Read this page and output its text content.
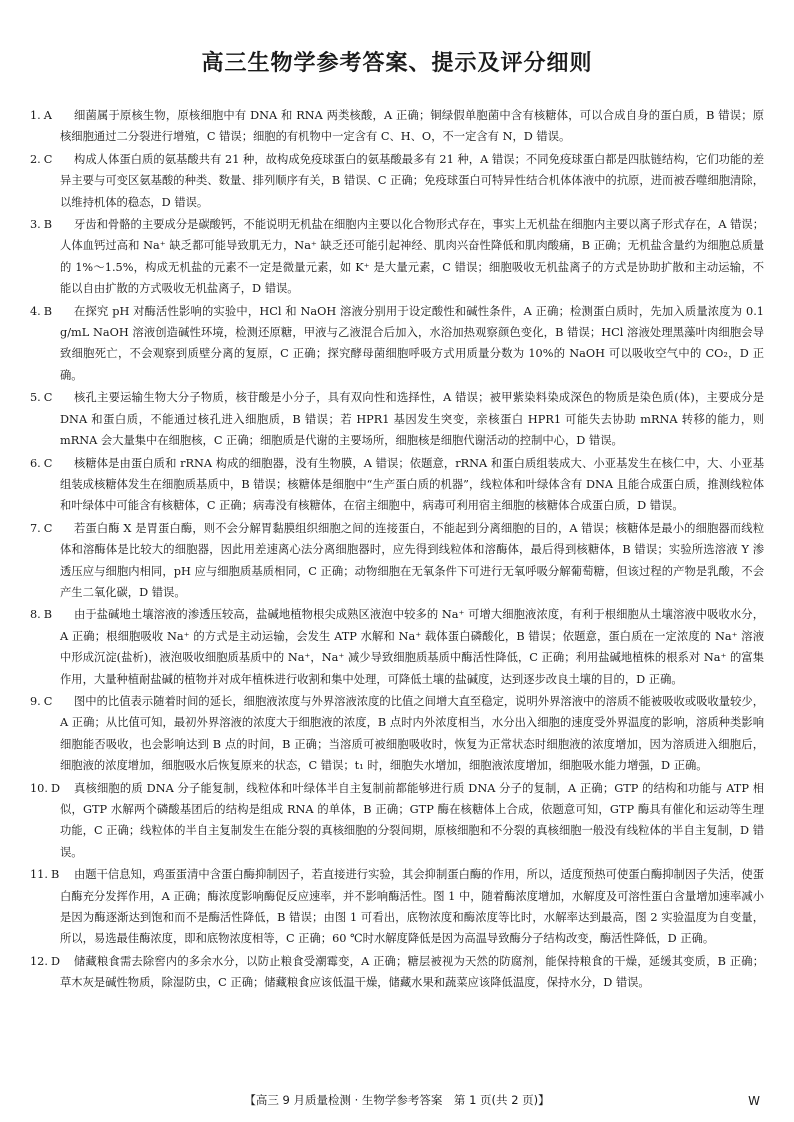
高三生物学参考答案、提示及评分细则
1. A 细菌属于原核生物，原核细胞中有 DNA 和 RNA 两类核酸，A 正确；铜绿假单胞菌中含有核糖体，可以合成自身的蛋白质，B 错误；原核细胞通过二分裂进行增殖，C 错误；细胞的有机物中一定含有 C、H、O，不一定含有 N，D 错误。
2. C 构成人体蛋白质的氨基酸共有 21 种，故构成免疫球蛋白的氨基酸最多有 21 种，A 错误；不同免疫球蛋白都是四肽链结构，它们功能的差异主要与可变区氨基酸的种类、数量、排列顺序有关，B 错误、C 正确；免疫球蛋白可特异性结合机体体液中的抗原，进而被吞噬细胞清除，以维持机体的稳态，D 错误。
3. B 牙齿和骨骼的主要成分是碳酸钙，不能说明无机盐在细胞内主要以化合物形式存在，事实上无机盐在细胞内主要以离子形式存在，A 错误；人体血钙过高和 Na⁺ 缺乏都可能导致肌无力，Na⁺ 缺乏还可能引起神经、肌肉兴奋性降低和肌肉酸痛，B 正确；无机盐含量约为细胞总质量的 1%～1.5%，构成无机盐的元素不一定是微量元素，如 K⁺ 是大量元素，C 错误；细胞吸收无机盐离子的方式是协助扩散和主动运输，不能以自由扩散的方式吸收无机盐离子，D 错误。
4. B 在探究 pH 对酶活性影响的实验中，HCl 和 NaOH 溶液分别用于设定酸性和碱性条件，A 正确；检测蛋白质时，先加入质量浓度为 0.1 g/mL NaOH 溶液创造碱性环境，检测还原糖，甲液与乙液混合后加入，水浴加热观察颜色变化，B 错误；HCl 溶液处理黑藻叶肉细胞会导致细胞死亡，不会观察到质壁分离的复原，C 正确；探究酵母菌细胞呼吸方式用质量分数为 10%的 NaOH 可以吸收空气中的 CO₂，D 正确。
5. C 核孔主要运输生物大分子物质，核苷酸是小分子，具有双向性和选择性，A 错误；被甲紫染料染成深色的物质是染色质(体)，主要成分是 DNA 和蛋白质，不能通过核孔进入细胞质，B 错误；若 HPR1 基因发生突变，亲核蛋白 HPR1 可能失去协助 mRNA 转移的能力，则 mRNA 会大量集中在细胞核，C 正确；细胞质是代谢的主要场所，细胞核是细胞代谢活动的控制中心，D 错误。
6. C 核糖体是由蛋白质和 rRNA 构成的细胞器，没有生物膜，A 错误；依题意，rRNA 和蛋白质组装成大、小亚基发生在核仁中，大、小亚基组装成核糖体发生在细胞质基质中，B 错误；核糖体是细胞中“生产蛋白质的机器”，线粒体和叶绿体含有 DNA 且能合成蛋白质，推测线粒体和叶绿体中可能含有核糖体，C 正确；病毒没有核糖体，在宿主细胞中，病毒可利用宿主细胞的核糖体合成蛋白质，D 错误。
7. C 若蛋白酶 X 是胃蛋白酶，则不会分解胃黏膜组织细胞之间的连接蛋白，不能起到分离细胞的目的，A 错误；核糖体是最小的细胞器而线粒体和溶酶体是比较大的细胞器，因此用差速离心法分离细胞器时，应先得到线粒体和溶酶体，最后得到核糖体，B 错误；实验所选溶液 Y 渗透压应与细胞内相同，pH 应与细胞质基质相同，C 正确；动物细胞在无氧条件下可进行无氧呼吸分解葡萄糖，但该过程的产物是乳酸，不会产生二氧化碳，D 错误。
8. B 由于盐碱地土壤溶液的渗透压较高，盐碱地植物根尖成熟区液泡中较多的 Na⁺ 可增大细胞液浓度，有利于根细胞从土壤溶液中吸收水分，A 正确；根细胞吸收 Na⁺ 的方式是主动运输，会发生 ATP 水解和 Na⁺ 载体蛋白磷酸化，B 错误；依题意，蛋白质在一定浓度的 Na⁺ 溶液中形成沉淀(盐析)，液泡吸收细胞质基质中的 Na⁺，Na⁺ 减少导致细胞质基质中酶活性降低，C 正确；利用盐碱地植株的根系对 Na⁺ 的富集作用，大量种植耐盐碱的植物并对成年植株进行收割和集中处理，可降低土壤的盐碱度，达到逐步改良土壤的目的，D 正确。
9. C 图中的比值表示随着时间的延长，细胞液浓度与外界溶液浓度的比值之间增大直至稳定，说明外界溶液中的溶质不能被吸收或吸收量较少，A 正确；从比值可知，最初外界溶液的浓度大于细胞液的浓度，B 点时内外浓度相当，水分出入细胞的速度受外界温度的影响，溶质种类影响细胞能否吸收，也会影响达到 B 点的时间，B 正确；当溶质可被细胞吸收时，恢复为正常状态时细胞液的浓度增加，因为溶质进入细胞后，细胞液的浓度增加，细胞吸水后恢复原来的状态，C 错误；t₁ 时，细胞失水增加，细胞液浓度增加，细胞吸水能力增强，D 正确。
10. D 真核细胞的质 DNA 分子能复制，线粒体和叶绿体半自主复制前都能够进行质 DNA 分子的复制，A 正确；GTP 的结构和功能与 ATP 相似，GTP 水解两个磷酸基团后的结构是组成 RNA 的单体，B 正确；GTP 酶在核糖体上合成，依题意可知，GTP 酶具有催化和运动等生理功能，C 正确；线粒体的半自主复制发生在能分裂的真核细胞的分裂间期，原核细胞和不分裂的真核细胞一般没有线粒体的半自主复制，D 错误。
11. B 由题干信息知，鸡蛋蛋清中含蛋白酶抑制因子，若直接进行实验，其会抑制蛋白酶的作用，所以，适度预热可使蛋白酶抑制因子失活，使蛋白酶充分发挥作用，A 正确；酶浓度影响酶促反应速率，并不影响酶活性。图 1 中，随着酶浓度增加，水解度及可溶性蛋白含量增加速率减小是因为酶逐渐达到饱和而不是酶活性降低，B 错误；由图 1 可看出，底物浓度和酶浓度等比时，水解率达到最高，图 2 实验温度为自变量，所以，易选最佳酶浓度，即和底物浓度相等，C 正确；60 ℃时水解度降低是因为高温导致酶分子结构改变，酶活性降低，D 正确。
12. D 储藏粮食需去除窖内的多余水分，以防止粮食受潮霉变，A 正确；糖层被视为天然的防腐剂，能保持粮食的干燥，延缓其变质，B 正确；草木灰是碱性物质，除湿防虫，C 正确；储藏粮食应该低温干燥，储藏水果和蔬菜应该降低温度，保持水分，D 错误。
【高三 9 月质量检测 · 生物学参考答案　第 1 页(共 2 页)】	W
